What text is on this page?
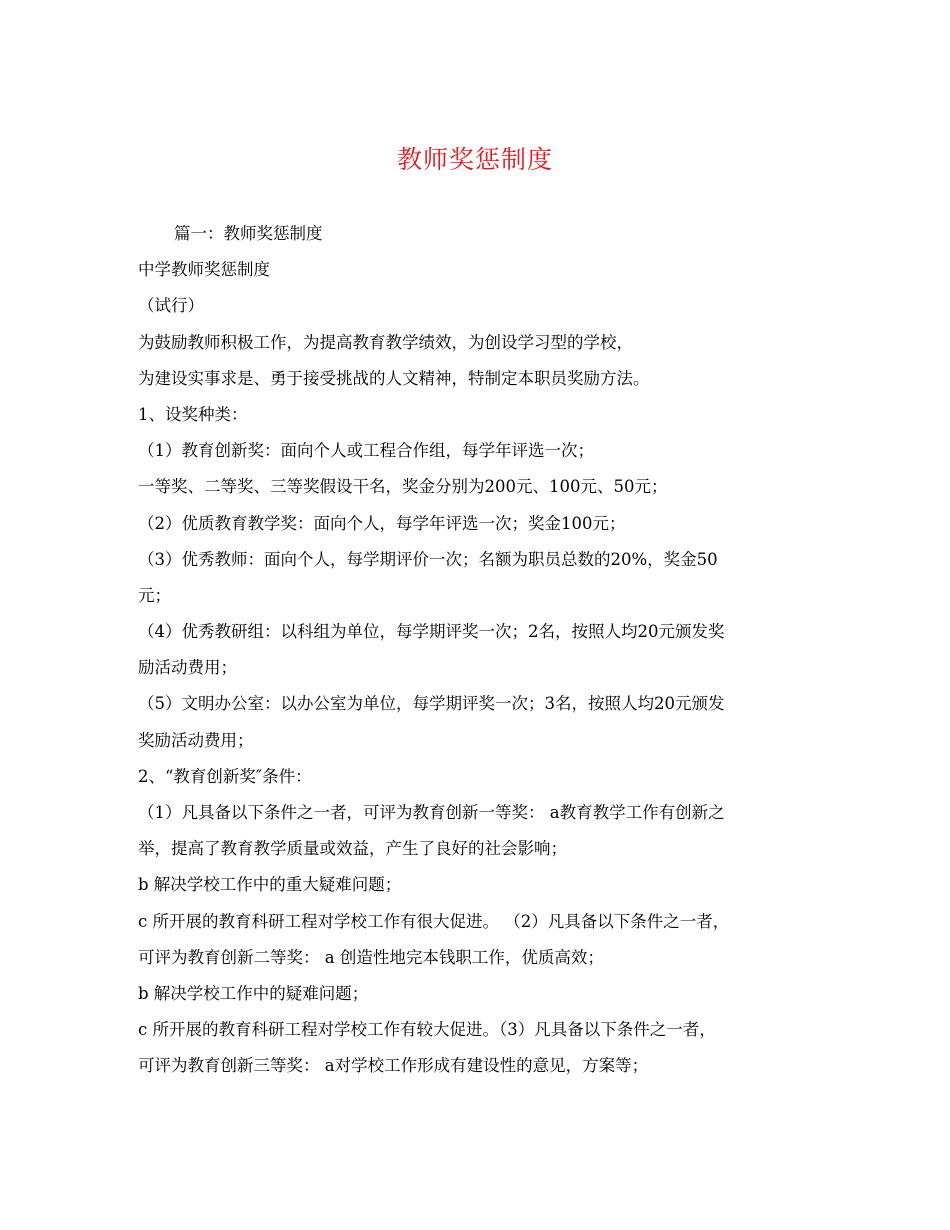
教师奖惩制度
篇一：教师奖惩制度
中学教师奖惩制度
（试行）
为鼓励教师积极工作，为提高教育教学绩效，为创设学习型的学校，
为建设实事求是、勇于接受挑战的人文精神，特制定本职员奖励方法。
1、设奖种类：
（1）教育创新奖：面向个人或工程合作组，每学年评选一次；
一等奖、二等奖、三等奖假设干名，奖金分别为200元、100元、50元；
（2）优质教育教学奖：面向个人，每学年评选一次；奖金100元；
（3）优秀教师：面向个人，每学期评价一次；名额为职员总数的20%，奖金50
元；
（4）优秀教研组：以科组为单位，每学期评奖一次；2名，按照人均20元颁发奖
励活动费用；
（5）文明办公室：以办公室为单位，每学期评奖一次；3名，按照人均20元颁发
奖励活动费用；
2、“教育创新奖″条件：
（1）凡具备以下条件之一者，可评为教育创新一等奖： a教育教学工作有创新之
举，提高了教育教学质量或效益，产生了良好的社会影响；
b 解决学校工作中的重大疑难问题；
c 所开展的教育科研工程对学校工作有很大促进。 （2）凡具备以下条件之一者，
可评为教育创新二等奖： a 创造性地完本钱职工作，优质高效；
b 解决学校工作中的疑难问题；
c 所开展的教育科研工程对学校工作有较大促进。（3）凡具备以下条件之一者，
可评为教育创新三等奖： a对学校工作形成有建设性的意见，方案等；
